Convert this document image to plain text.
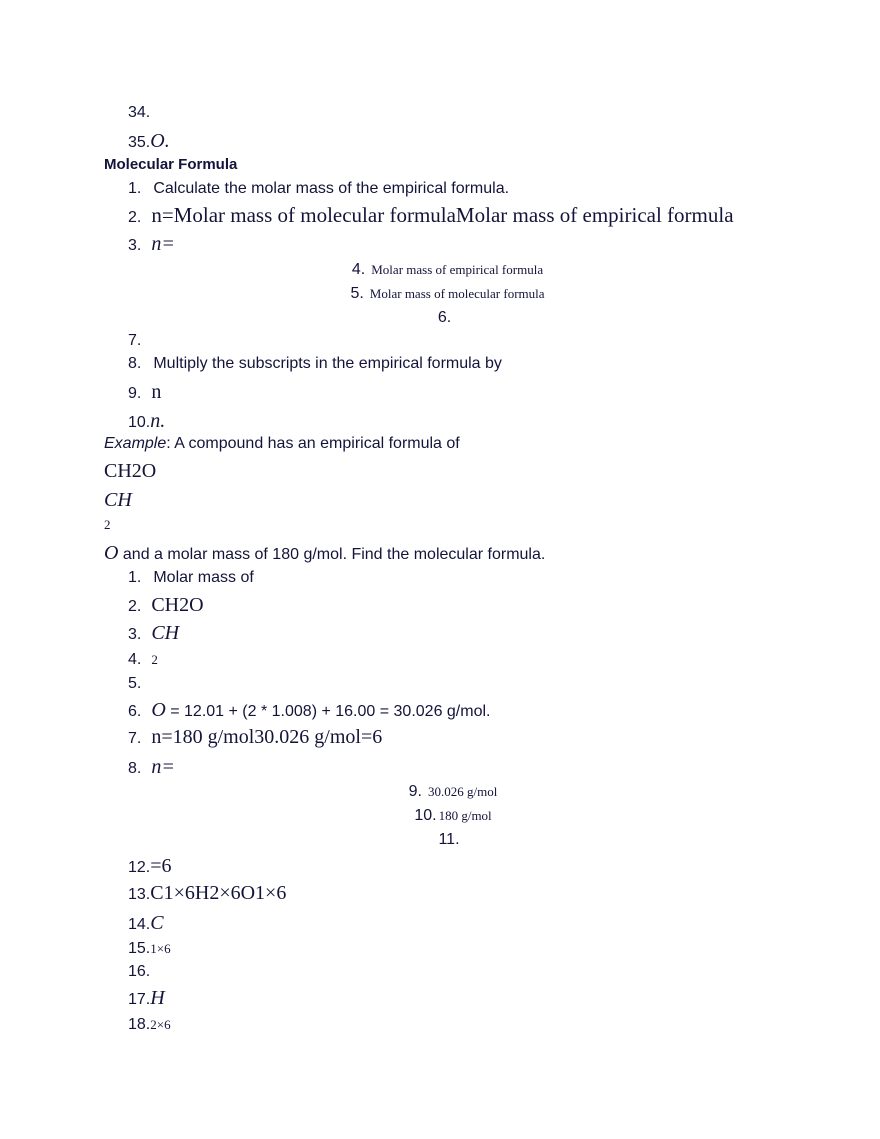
34.
35.O.
Molecular Formula
1. Calculate the molar mass of the empirical formula.
2. n=Molar mass of molecular formulaMolar mass of empirical formula
3. n=
4. Molar mass of empirical formula
5. Molar mass of molecular formula
6.
7.
8. Multiply the subscripts in the empirical formula by
9. n
10.n.
Example: A compound has an empirical formula of
CH2O
CH
2
O and a molar mass of 180 g/mol. Find the molecular formula.
1. Molar mass of
2. CH2O
3. CH
4. 2
5.
6. O = 12.01 + (2 * 1.008) + 16.00 = 30.026 g/mol.
7. n=180 g/mol30.026 g/mol=6
8. n=
9. 30.026 g/mol
10. 180 g/mol
11.
12.=6
13.C1×6H2×6O1×6
14.C
15.1×6
16.
17.H
18.2×6
